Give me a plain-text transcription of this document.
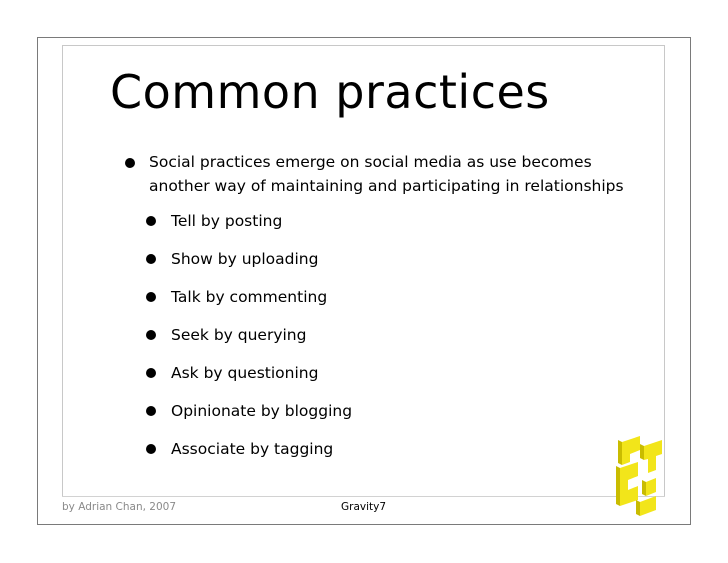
Common practices
Social practices emerge on social media as use becomes another way of maintaining and participating in relationships
Tell by posting
Show by uploading
Talk by commenting
Seek by querying
Ask by questioning
Opinionate by blogging
Associate by tagging
by Adrian Chan, 2007	Gravity7
